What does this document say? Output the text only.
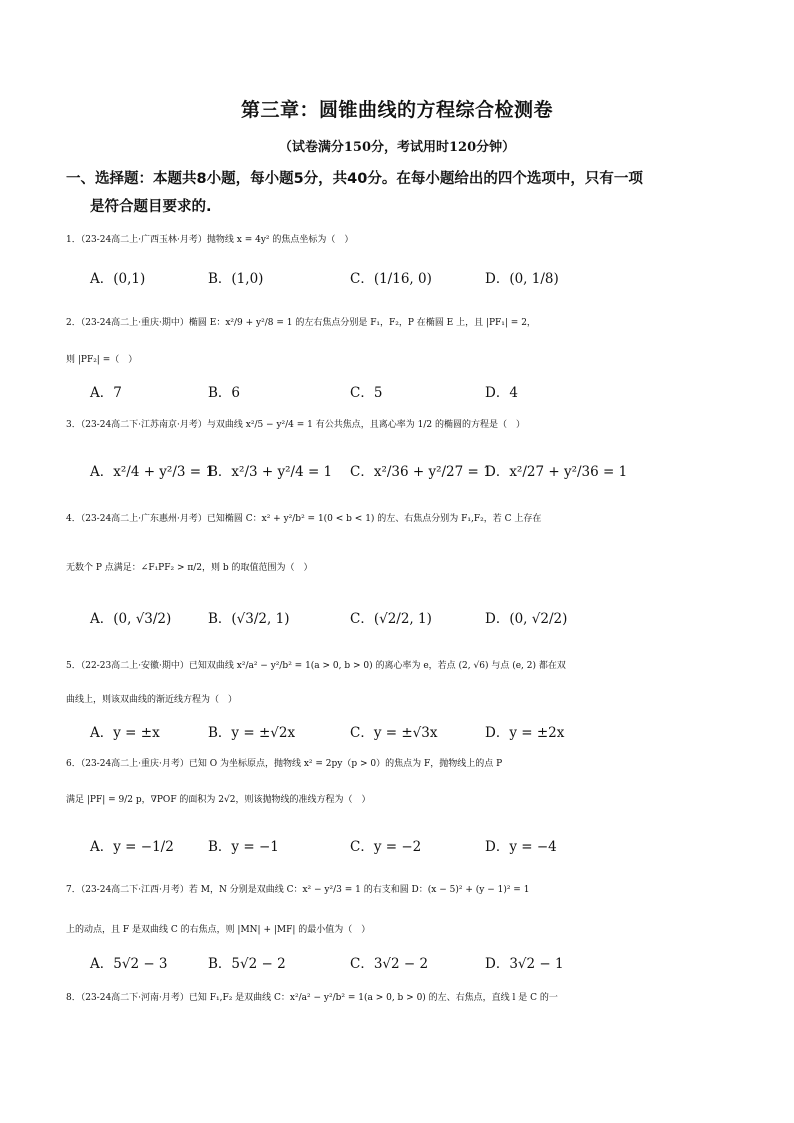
第三章：圆锥曲线的方程综合检测卷
（试卷满分150分，考试用时120分钟）
一、选择题：本题共8小题，每小题5分，共40分。在每小题给出的四个选项中，只有一项
是符合题目要求的.
1．（23-24高二上·广西玉林·月考）抛物线 x = 4y² 的焦点坐标为（　）
A．(0,1)	B．(1,0)	C．(1/16, 0)	D．(0, 1/8)
2．（23-24高二上·重庆·期中）椭圆 E：x²/9 + y²/8 = 1 的左右焦点分别是 F₁，F₂，P 在椭圆 E 上，且 |PF₁| = 2，
则 |PF₂| =（　）
A．7	B．6	C．5	D．4
3．（23-24高二下·江苏南京·月考）与双曲线 x²/5 − y²/4 = 1 有公共焦点，且离心率为 1/2 的椭圆的方程是（　）
A．x²/4 + y²/3 = 1
B．x²/3 + y²/4 = 1 C．x²/36 + y²/27 = 1
D．x²/27 + y²/36 = 1
4．（23-24高二上·广东惠州·月考）已知椭圆 C：x² + y²/b² = 1(0 < b < 1) 的左、右焦点分别为 F₁,F₂，若 C 上存在
无数个 P 点满足：∠F₁PF₂ > π/2，则 b 的取值范围为（　）
A．(0, √3/2)	B．(√3/2, 1)	C．(√2/2, 1)	D．(0, √2/2)
5．（22-23高二上·安徽·期中）已知双曲线 x²/a² − y²/b² = 1(a > 0, b > 0) 的离心率为 e，若点 (2, √6) 与点 (e, 2) 都在双
曲线上，则该双曲线的渐近线方程为（　）
A．y = ±x	B．y = ±√2x	C．y = ±√3x	D．y = ±2x
6．（23-24高二上·重庆·月考）已知 O 为坐标原点，抛物线 x² = 2py（p > 0）的焦点为 F，抛物线上的点 P
满足 |PF| = 9/2 p，∇POF 的面积为 2√2，则该抛物线的准线方程为（　）
A．y = −1/2	B．y = −1	C．y = −2	D．y = −4
7．（23-24高二下·江西·月考）若 M，N 分别是双曲线 C：x² − y²/3 = 1 的右支和圆 D：(x − 5)² + (y − 1)² = 1
上的动点，且 F 是双曲线 C 的右焦点，则 |MN| + |MF| 的最小值为（　）
A．5√2 − 3	B．5√2 − 2	C．3√2 − 2	D．3√2 − 1
8．（23-24高二下·河南·月考）已知 F₁,F₂ 是双曲线 C：x²/a² − y²/b² = 1(a > 0, b > 0) 的左、右焦点，直线 l 是 C 的一
